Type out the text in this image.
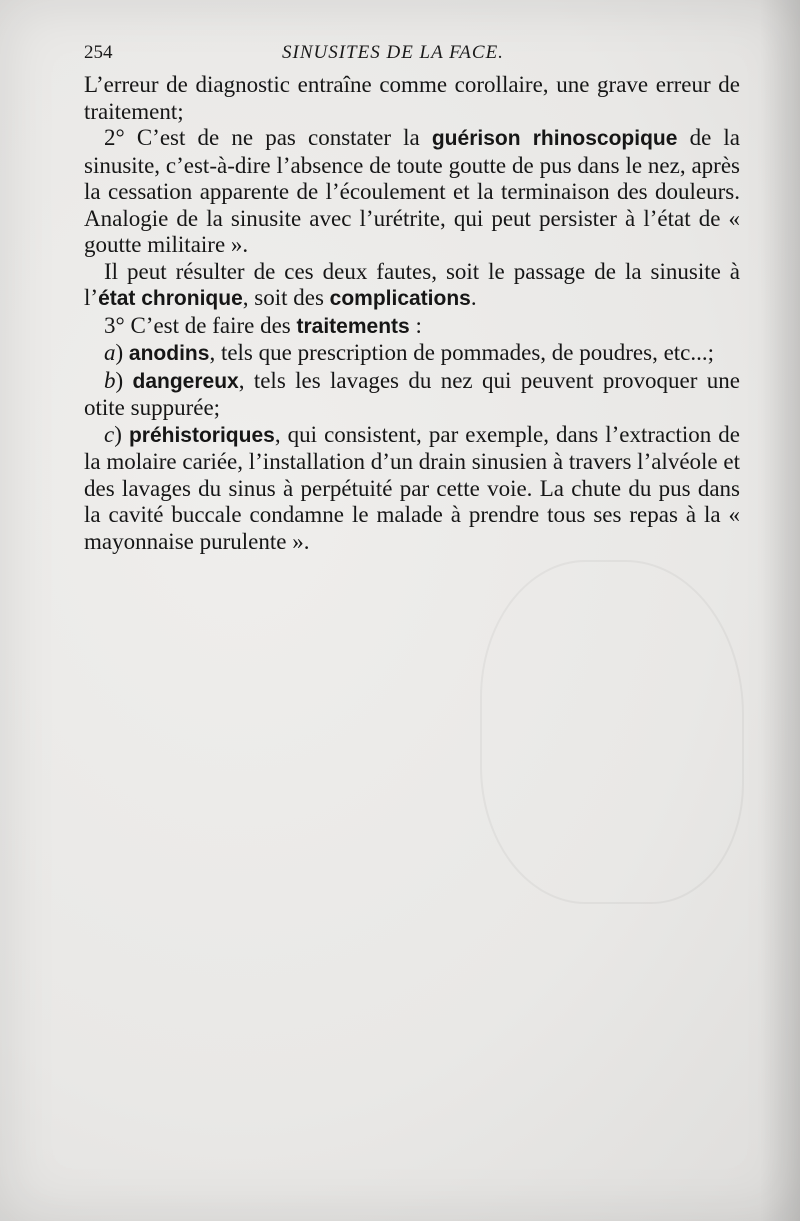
254	SINUSITES DE LA FACE.

L’erreur de diagnostic entraîne comme corollaire, une grave erreur de traitement;

2° C’est de ne pas constater la guérison rhinoscopique de la sinusite, c’est-à-dire l’absence de toute goutte de pus dans le nez, après la cessation apparente de l’écoulement et la terminaison des douleurs. Analogie de la sinusite avec l’urétrite, qui peut persister à l’état de « goutte militaire ».

Il peut résulter de ces deux fautes, soit le passage de la sinusite à l’état chronique, soit des complications.

3° C’est de faire des traitements :

a) anodins, tels que prescription de pommades, de poudres, etc...;

b) dangereux, tels les lavages du nez qui peuvent provoquer une otite suppurée;

c) préhistoriques, qui consistent, par exemple, dans l’extraction de la molaire cariée, l’installation d’un drain sinusien à travers l’alvéole et des lavages du sinus à perpétuité par cette voie. La chute du pus dans la cavité buccale condamne le malade à prendre tous ses repas à la « mayonnaise purulente ».
